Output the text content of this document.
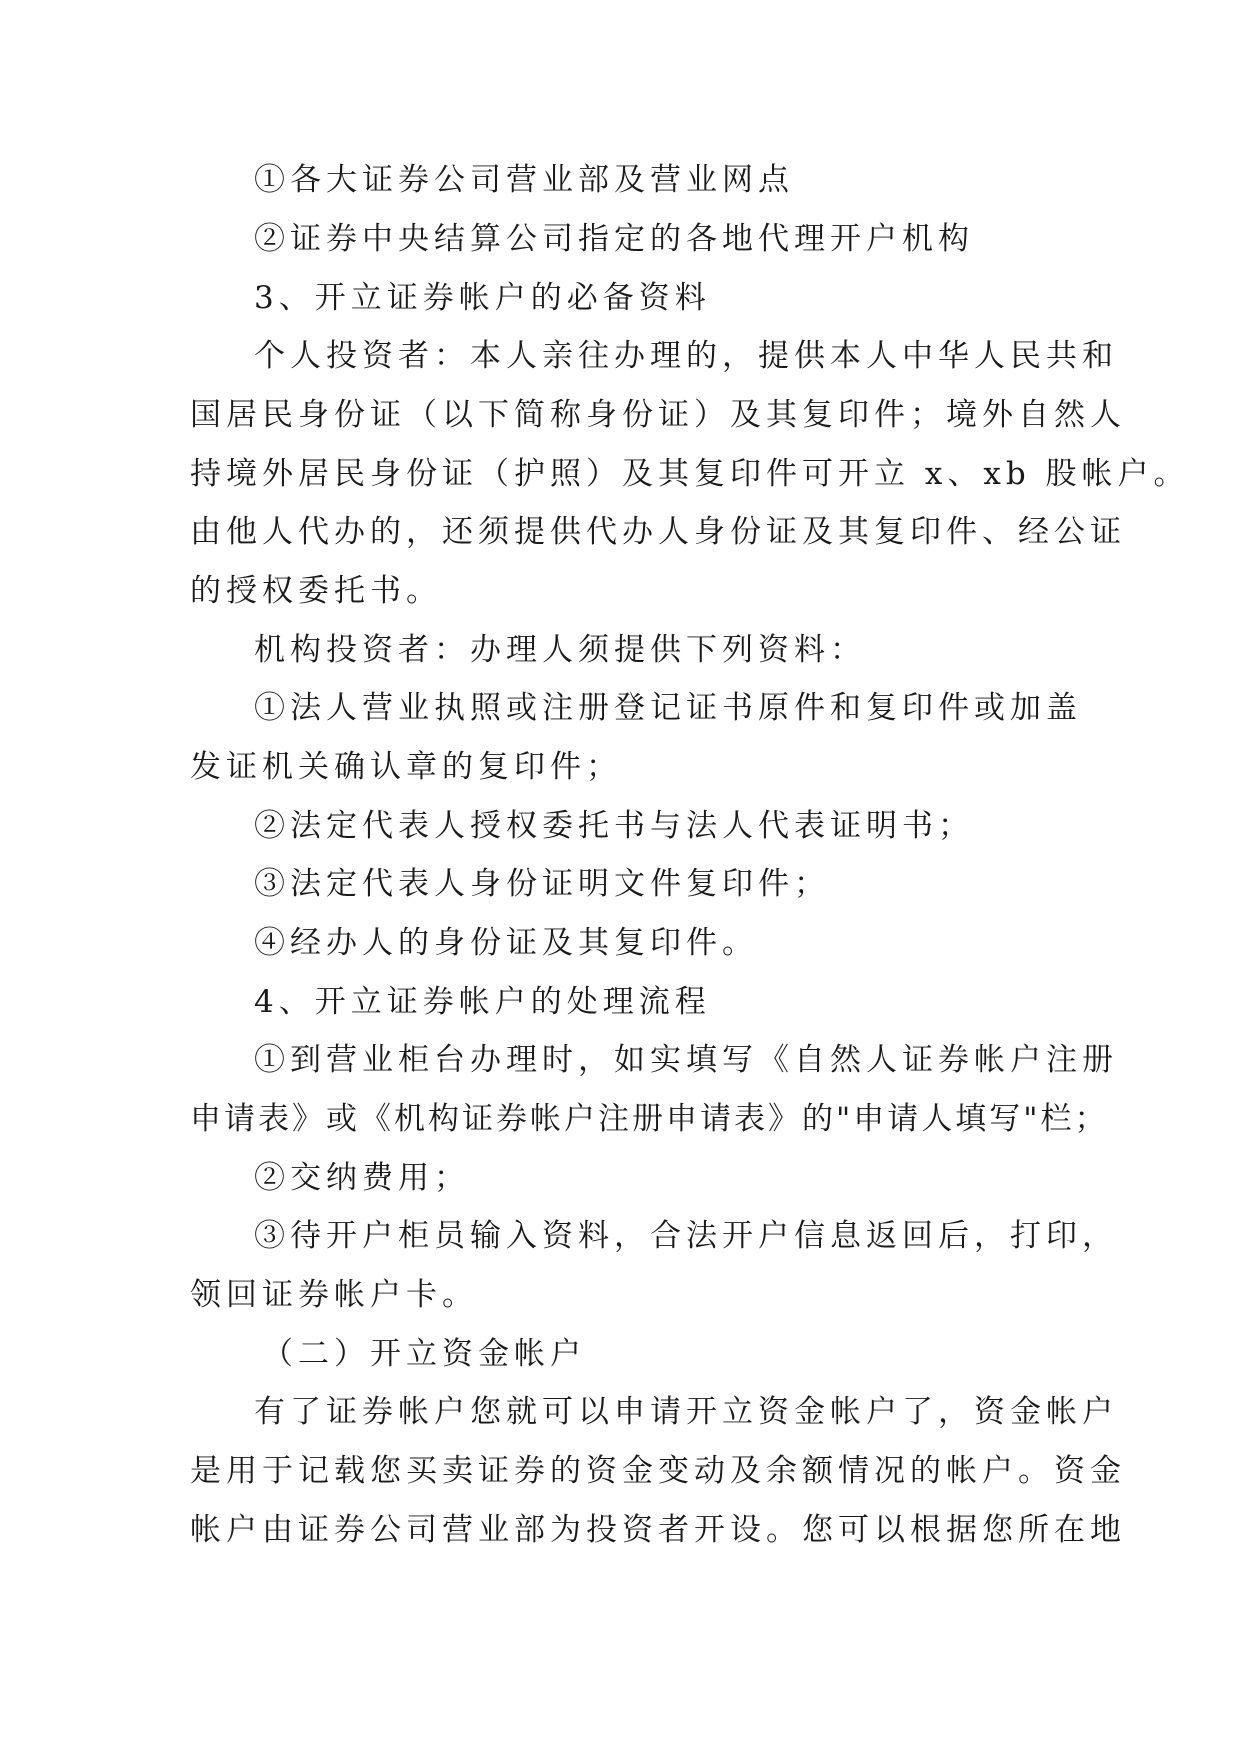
①各大证券公司营业部及营业网点
②证券中央结算公司指定的各地代理开户机构
3、开立证券帐户的必备资料
个人投资者：本人亲往办理的，提供本人中华人民共和
国居民身份证（以下简称身份证）及其复印件；境外自然人
持境外居民身份证（护照）及其复印件可开立 x、xb 股帐户。
由他人代办的，还须提供代办人身份证及其复印件、经公证
的授权委托书。
机构投资者：办理人须提供下列资料：
①法人营业执照或注册登记证书原件和复印件或加盖
发证机关确认章的复印件；
②法定代表人授权委托书与法人代表证明书；
③法定代表人身份证明文件复印件；
④经办人的身份证及其复印件。
4、开立证券帐户的处理流程
①到营业柜台办理时，如实填写《自然人证券帐户注册
申请表》或《机构证券帐户注册申请表》的"申请人填写"栏；
②交纳费用；
③待开户柜员输入资料，合法开户信息返回后，打印，
领回证券帐户卡。
（二）开立资金帐户
有了证券帐户您就可以申请开立资金帐户了，资金帐户
是用于记载您买卖证券的资金变动及余额情况的帐户。资金
帐户由证券公司营业部为投资者开设。您可以根据您所在地
